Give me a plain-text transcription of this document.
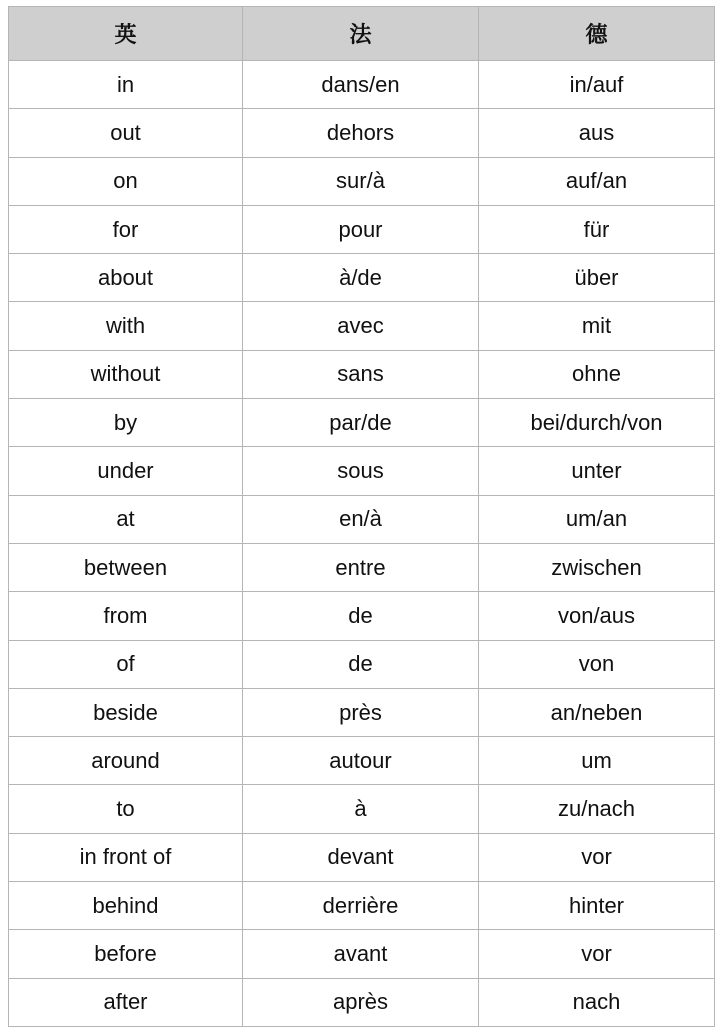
英	法	德
in	dans/en	in/auf
out	dehors	aus
on	sur/à	auf/an
for	pour	für
about	à/de	über
with	avec	mit
without	sans	ohne
by	par/de	bei/durch/von
under	sous	unter
at	en/à	um/an
between	entre	zwischen
from	de	von/aus
of	de	von
beside	près	an/neben
around	autour	um
to	à	zu/nach
in front of	devant	vor
behind	derrière	hinter
before	avant	vor
after	après	nach
